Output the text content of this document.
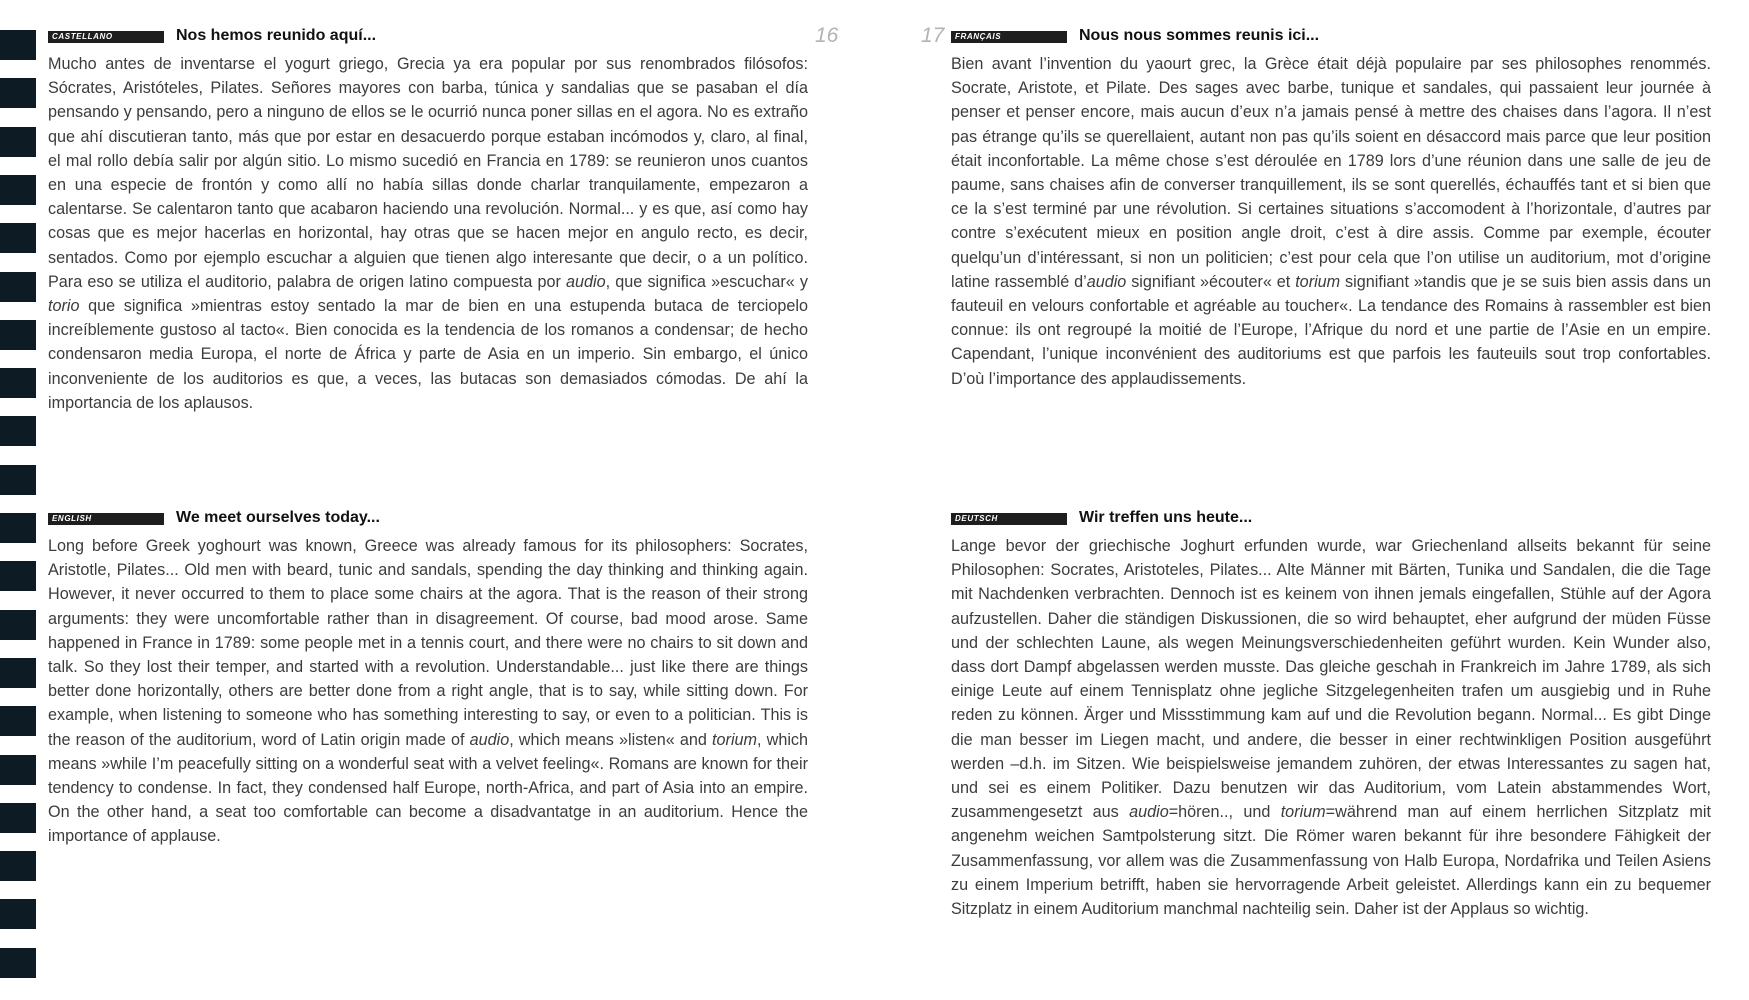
16	17
CASTELLANO	Nos hemos reunido aquí...

Mucho antes de inventarse el yogurt griego, Grecia ya era popular por sus renombrados filósofos: Sócrates, Aristóteles, Pilates. Señores mayores con barba, túnica y sandalias que se pasaban el día pensando y pensando, pero a ninguno de ellos se le ocurrió nunca poner sillas en el agora. No es extraño que ahí discutieran tanto, más que por estar en desacuerdo porque estaban incómodos y, claro, al final, el mal rollo debía salir por algún sitio. Lo mismo sucedió en Francia en 1789: se reunieron unos cuantos en una especie de frontón y como allí no había sillas donde charlar tranquilamente, empezaron a calentarse. Se calentaron tanto que acabaron haciendo una revolución. Normal... y es que, así como hay cosas que es mejor hacerlas en horizontal, hay otras que se hacen mejor en angulo recto, es decir, sentados. Como por ejemplo escuchar a alguien que tienen algo interesante que decir, o a un político. Para eso se utiliza el auditorio, palabra de origen latino compuesta por audio, que significa »escuchar« y torio que significa »mientras estoy sentado la mar de bien en una estupenda butaca de terciopelo increíblemente gustoso al tacto«. Bien conocida es la tendencia de los romanos a condensar; de hecho condensaron media Europa, el norte de África y parte de Asia en un imperio. Sin embargo, el único inconveniente de los auditorios es que, a veces, las butacas son demasiados cómodas. De ahí la importancia de los aplausos.

FRANÇAIS	Nous nous sommes reunis ici...

Bien avant l’invention du yaourt grec, la Grèce était déjà populaire par ses philosophes renommés. Socrate, Aristote, et Pilate. Des sages avec barbe, tunique et sandales, qui passaient leur journée à penser et penser encore, mais aucun d’eux n’a jamais pensé à mettre des chaises dans l’agora. Il n’est pas étrange qu’ils se querellaient, autant non pas qu’ils soient en désaccord mais parce que leur position était inconfortable. La même chose s’est déroulée en 1789 lors d’une réunion dans une salle de jeu de paume, sans chaises afin de converser tranquillement, ils se sont querellés, échauffés tant et si bien que ce la s’est terminé par une révolution. Si certaines situations s’accomodent à l’horizontale, d’autres par contre s’exécutent mieux en position angle droit, c’est à dire assis. Comme par exemple, écouter quelqu’un d’intéressant, si non un politicien; c’est pour cela que l’on utilise un auditorium, mot d’origine latine rassemblé d’audio signifiant »écouter« et torium signifiant »tandis que je se suis bien assis dans un fauteuil en velours confortable et agréable au toucher«. La tendance des Romains à rassembler est bien connue: ils ont regroupé la moitié de l’Europe, l’Afrique du nord et une partie de l’Asie en un empire. Capendant, l’unique inconvénient des auditoriums est que parfois les fauteuils sout trop confortables. D’où l’importance des applaudissements.

ENGLISH	We meet ourselves today...

Long before Greek yoghourt was known, Greece was already famous for its philosophers: Socrates, Aristotle, Pilates... Old men with beard, tunic and sandals, spending the day thinking and thinking again. However, it never occurred to them to place some chairs at the agora. That is the reason of their strong arguments: they were uncomfortable rather than in disagreement. Of course, bad mood arose. Same happened in France in 1789: some people met in a tennis court, and there were no chairs to sit down and talk. So they lost their temper, and started with a revolution. Understandable... just like there are things better done horizontally, others are better done from a right angle, that is to say, while sitting down. For example, when listening to someone who has something interesting to say, or even to a politician. This is the reason of the auditorium, word of Latin origin made of audio, which means »listen« and torium, which means »while I’m peacefully sitting on a wonderful seat with a velvet feeling«. Romans are known for their tendency to condense. In fact, they condensed half Europe, north-Africa, and part of Asia into an empire. On the other hand, a seat too comfortable can become a disadvantatge in an auditorium. Hence the importance of applause.

DEUTSCH	Wir treffen uns heute...

Lange bevor der griechische Joghurt erfunden wurde, war Griechenland allseits bekannt für seine Philosophen: Socrates, Aristoteles, Pilates... Alte Männer mit Bärten, Tunika und Sandalen, die die Tage mit Nachdenken verbrachten. Dennoch ist es keinem von ihnen jemals eingefallen, Stühle auf der Agora aufzustellen. Daher die ständigen Diskussionen, die so wird behauptet, eher aufgrund der müden Füsse und der schlechten Laune, als wegen Meinungsverschiedenheiten geführt wurden. Kein Wunder also, dass dort Dampf abgelassen werden musste. Das gleiche geschah in Frankreich im Jahre 1789, als sich einige Leute auf einem Tennisplatz ohne jegliche Sitzgelegenheiten trafen um ausgiebig und in Ruhe reden zu können. Ärger und Missstimmung kam auf und die Revolution begann. Normal... Es gibt Dinge die man besser im Liegen macht, und andere, die besser in einer rechtwinkligen Position ausgeführt werden –d.h. im Sitzen. Wie beispielsweise jemandem zuhören, der etwas Interessantes zu sagen hat, und sei es einem Politiker. Dazu benutzen wir das Auditorium, vom Latein abstammendes Wort, zusammengesetzt aus audio=hören.., und torium=während man auf einem herrlichen Sitzplatz mit angenehm weichen Samtpolsterung sitzt. Die Römer waren bekannt für ihre besondere Fähigkeit der Zusammenfassung, vor allem was die Zusammenfassung von Halb Europa, Nordafrika und Teilen Asiens zu einem Imperium betrifft, haben sie hervorragende Arbeit geleistet. Allerdings kann ein zu bequemer Sitzplatz in einem Auditorium manchmal nachteilig sein. Daher ist der Applaus so wichtig.
